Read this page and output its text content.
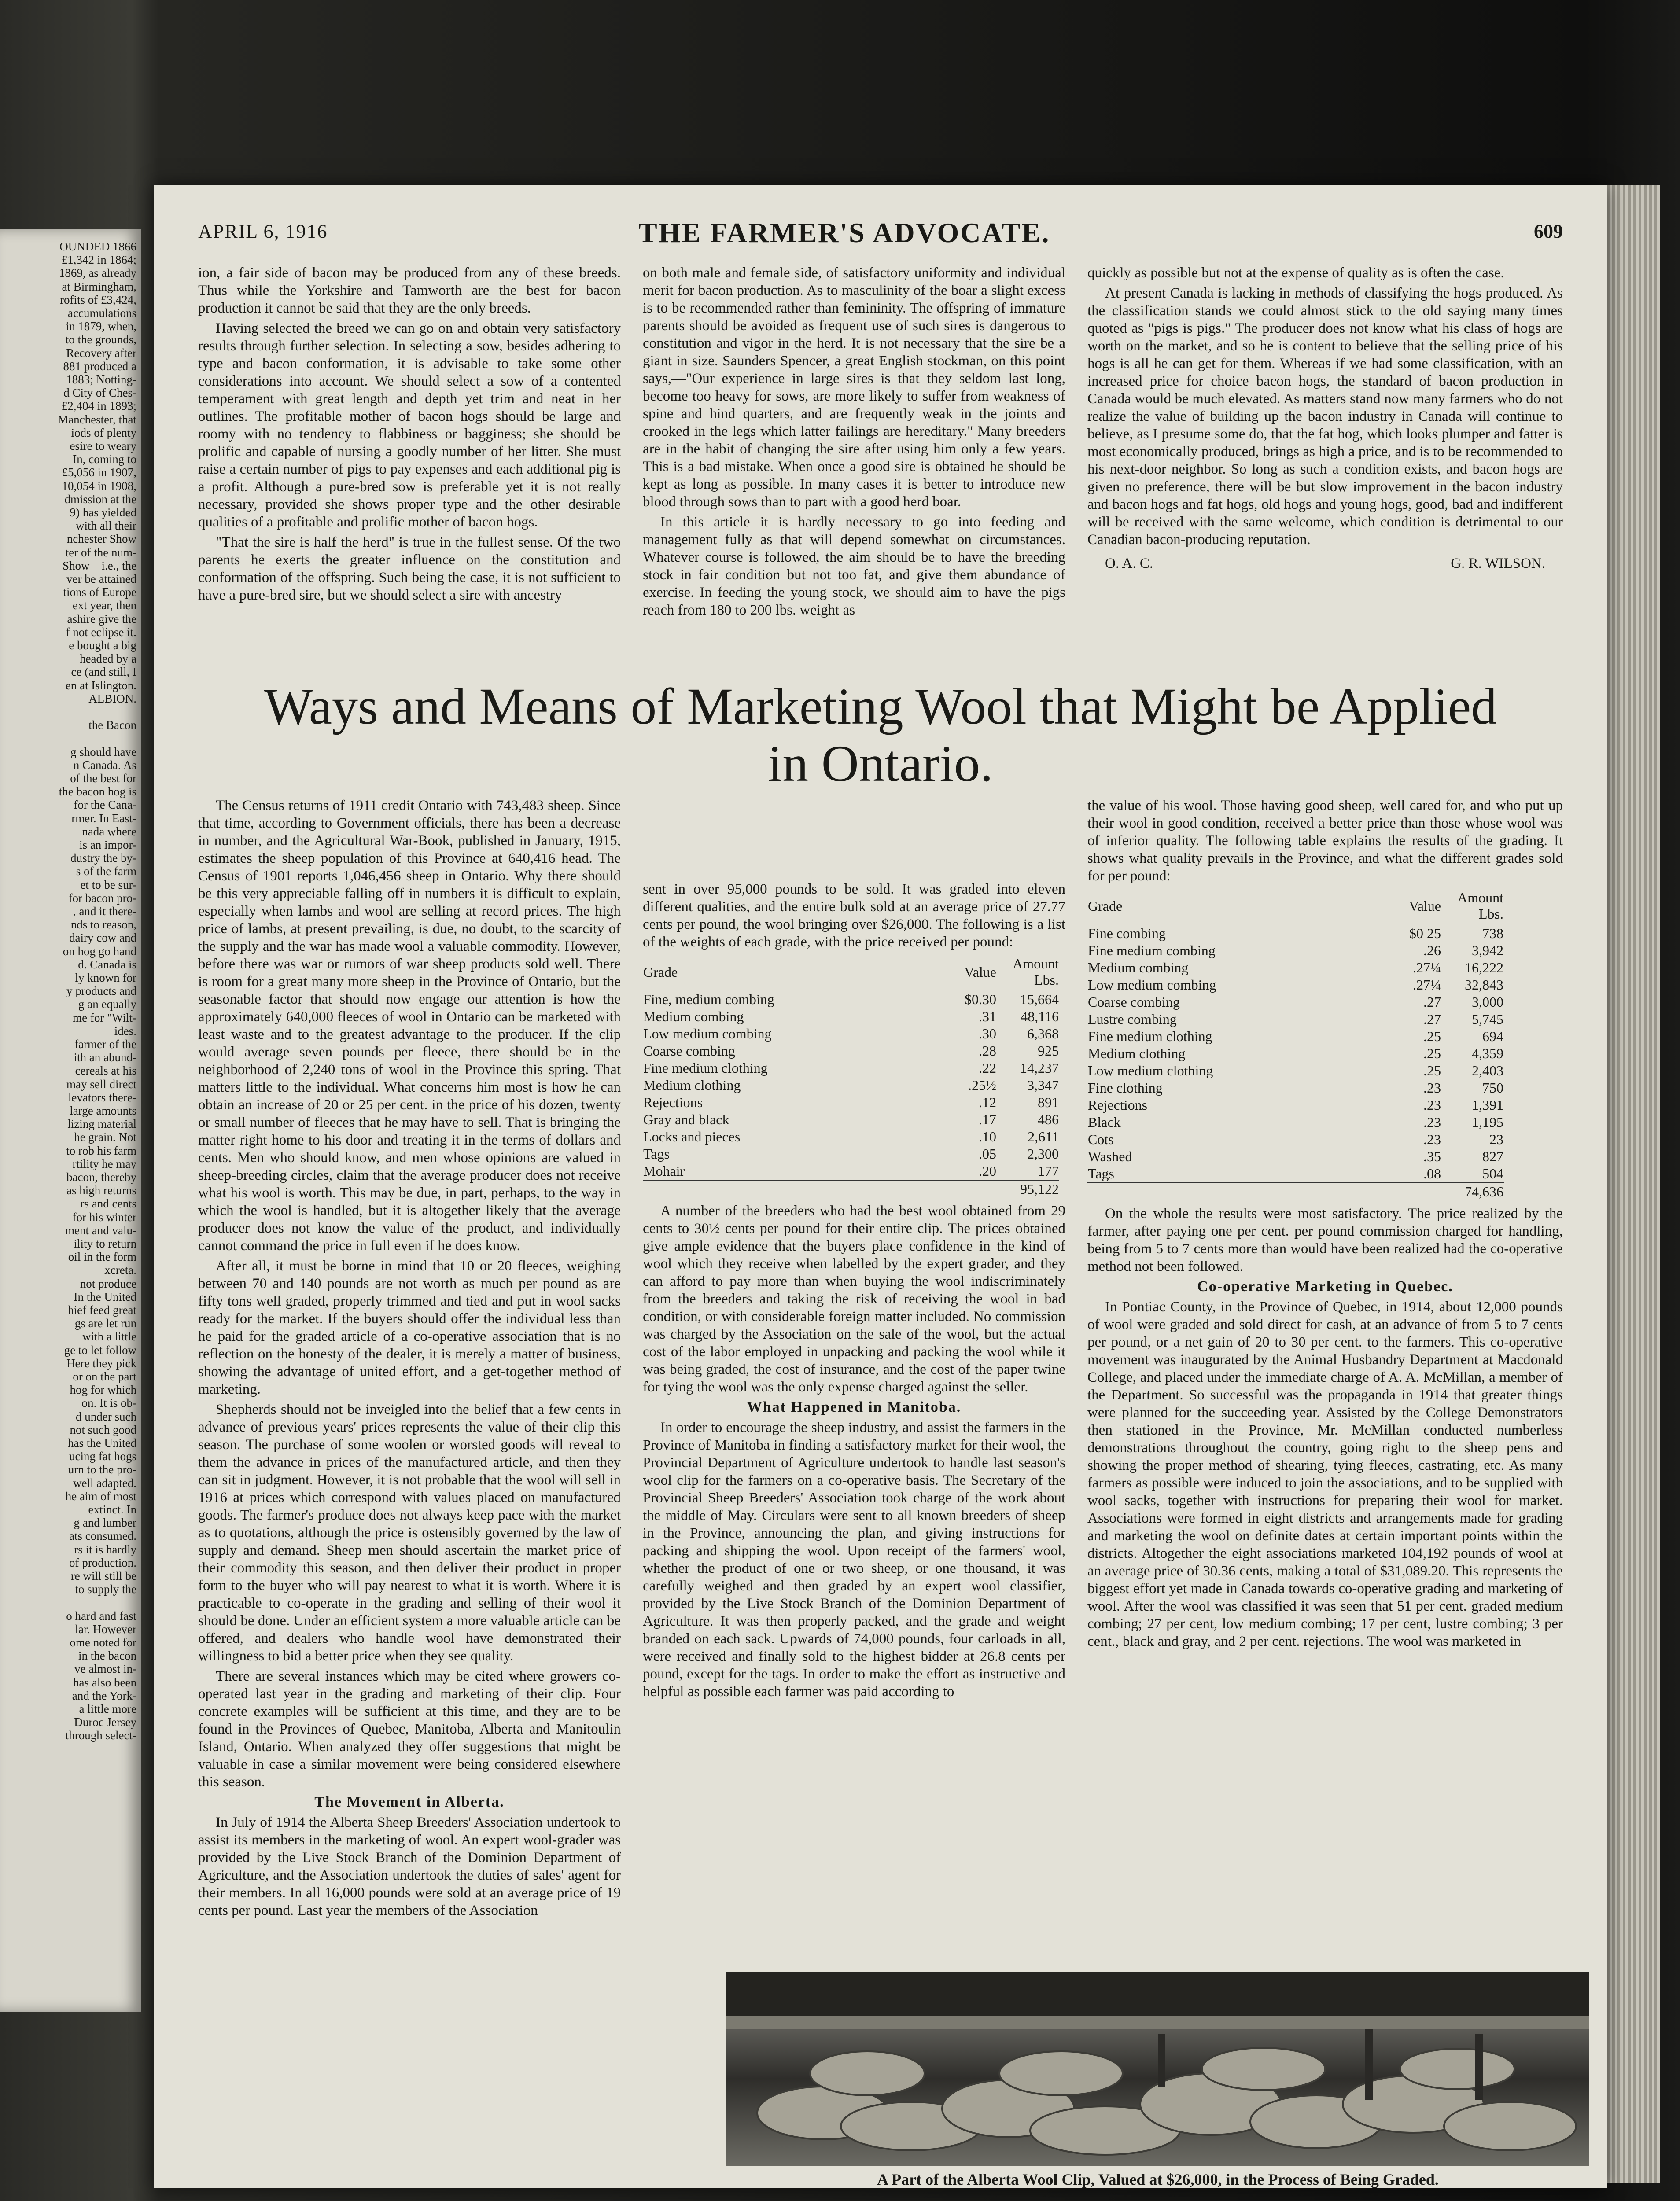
OUNDED 1866
£1,342 in 1864;
1869, as already
at Birmingham,
rofits of £3,424,
accumulations
in 1879, when,
to the grounds,
Recovery after
881 produced a
1883; Notting-
d City of Ches-
£2,404 in 1893;
Manchester, that
iods of plenty
esire to weary
In, coming to
£5,056 in 1907,
10,054 in 1908,
dmission at the
9) has yielded
with all their
nchester Show
ter of the num-
Show—i.e., the
ver be attained
tions of Europe
ext year, then
ashire give the
f not eclipse it.
e bought a big
headed by a
ce (and still, I
en at Islington.
ALBION.
the Bacon
g should have
n Canada. As
of the best for
the bacon hog is
for the Cana-
rmer. In East-
nada where
is an impor-
dustry the by-
s of the farm
et to be sur-
for bacon pro-
, and it there-
nds to reason,
dairy cow and
on hog go hand
d. Canada is
ly known for
y products and
g an equally
me for "Wilt-
ides.
farmer of the
ith an abund-
cereals at his
may sell direct
levators there-
large amounts
lizing material
he grain. Not
to rob his farm
rtility he may
bacon, thereby
as high returns
rs and cents
for his winter
ment and valu-
ility to return
oil in the form
xcreta.
not produce
In the United
hief feed great
gs are let run
with a little
ge to let follow
Here they pick
or on the part
hog for which
on. It is ob-
d under such
not such good
has the United
ucing fat hogs
urn to the pro-
well adapted.
he aim of most
extinct. In
g and lumber
ats consumed.
rs it is hardly
of production.
re will still be
to supply the
o hard and fast
lar. However
ome noted for
in the bacon
ve almost in-
has also been
and the York-
a little more
Duroc Jersey
through select-
APRIL 6, 1916	THE FARMER'S ADVOCATE.	609

ion, a fair side of bacon may be produced from any of these breeds. Thus while the Yorkshire and Tamworth are the best for bacon production it cannot be said that they are the only breeds.

Having selected the breed we can go on and obtain very satisfactory results through further selection. In selecting a sow, besides adhering to type and bacon conformation, it is advisable to take some other considerations into account. We should select a sow of a contented temperament with great length and depth yet trim and neat in her outlines. The profitable mother of bacon hogs should be large and roomy with no tendency to flabbiness or bagginess; she should be prolific and capable of nursing a goodly number of her litter. She must raise a certain number of pigs to pay expenses and each additional pig is a profit. Although a pure-bred sow is preferable yet it is not really necessary, provided she shows proper type and the other desirable qualities of a profitable and prolific mother of bacon hogs.

"That the sire is half the herd" is true in the fullest sense. Of the two parents he exerts the greater influence on the constitution and conformation of the offspring. Such being the case, it is not sufficient to have a pure-bred sire, but we should select a sire with ancestry

on both male and female side, of satisfactory uniformity and individual merit for bacon production. As to masculinity of the boar a slight excess is to be recommended rather than femininity. The offspring of immature parents should be avoided as frequent use of such sires is dangerous to constitution and vigor in the herd. It is not necessary that the sire be a giant in size. Saunders Spencer, a great English stockman, on this point says,—"Our experience in large sires is that they seldom last long, become too heavy for sows, are more likely to suffer from weakness of spine and hind quarters, and are frequently weak in the joints and crooked in the legs which latter failings are hereditary." Many breeders are in the habit of changing the sire after using him only a few years. This is a bad mistake. When once a good sire is obtained he should be kept as long as possible. In many cases it is better to introduce new blood through sows than to part with a good herd boar.

In this article it is hardly necessary to go into feeding and management fully as that will depend somewhat on circumstances. Whatever course is followed, the aim should be to have the breeding stock in fair condition but not too fat, and give them abundance of exercise. In feeding the young stock, we should aim to have the pigs reach from 180 to 200 lbs. weight as

quickly as possible but not at the expense of quality as is often the case.

At present Canada is lacking in methods of classifying the hogs produced. As the classification stands we could almost stick to the old saying many times quoted as "pigs is pigs." The producer does not know what his class of hogs are worth on the market, and so he is content to believe that the selling price of his hogs is all he can get for them. Whereas if we had some classification, with an increased price for choice bacon hogs, the standard of bacon production in Canada would be much elevated. As matters stand now many farmers who do not realize the value of building up the bacon industry in Canada will continue to believe, as I presume some do, that the fat hog, which looks plumper and fatter is most economically produced, brings as high a price, and is to be recommended to his next-door neighbor. So long as such a condition exists, and bacon hogs are given no preference, there will be but slow improvement in the bacon industry and bacon hogs and fat hogs, old hogs and young hogs, good, bad and indifferent will be received with the same welcome, which condition is detrimental to our Canadian bacon-producing reputation.

O. A. C.	G. R. WILSON.
Ways and Means of Marketing Wool that Might be Applied
in Ontario.

The Census returns of 1911 credit Ontario with 743,483 sheep. Since that time, according to Government officials, there has been a decrease in number, and the Agricultural War-Book, published in January, 1915, estimates the sheep population of this Province at 640,416 head. The Census of 1901 reports 1,046,456 sheep in Ontario. Why there should be this very appreciable falling off in numbers it is difficult to explain, especially when lambs and wool are selling at record prices. The high price of lambs, at present prevailing, is due, no doubt, to the scarcity of the supply and the war has made wool a valuable commodity. However, before there was war or rumors of war sheep products sold well. There is room for a great many more sheep in the Province of Ontario, but the seasonable factor that should now engage our attention is how the approximately 640,000 fleeces of wool in Ontario can be marketed with least waste and to the greatest advantage to the producer. If the clip would average seven pounds per fleece, there should be in the neighborhood of 2,240 tons of wool in the Province this spring. That matters little to the individual. What concerns him most is how he can obtain an increase of 20 or 25 per cent. in the price of his dozen, twenty or small number of fleeces that he may have to sell. That is bringing the matter right home to his door and treating it in the terms of dollars and cents. Men who should know, and men whose opinions are valued in sheep-breeding circles, claim that the average producer does not receive what his wool is worth. This may be due, in part, perhaps, to the way in which the wool is handled, but it is altogether likely that the average producer does not know the value of the product, and individually cannot command the price in full even if he does know.

After all, it must be borne in mind that 10 or 20 fleeces, weighing between 70 and 140 pounds are not worth as much per pound as are fifty tons well graded, properly trimmed and tied and put in wool sacks ready for the market. If the buyers should offer the individual less than he paid for the graded article of a co-operative association that is no reflection on the honesty of the dealer, it is merely a matter of business, showing the advantage of united effort, and a get-together method of marketing.

Shepherds should not be inveigled into the belief that a few cents in advance of previous years' prices represents the value of their clip this season. The purchase of some woolen or worsted goods will reveal to them the advance in prices of the manufactured article, and then they can sit in judgment. However, it is not probable that the wool will sell in 1916 at prices which correspond with values placed on manufactured goods. The farmer's produce does not always keep pace with the market as to quotations, although the price is ostensibly governed by the law of supply and demand. Sheep men should ascertain the market price of their commodity this season, and then deliver their product in proper form to the buyer who will pay nearest to what it is worth. Where it is practicable to co-operate in the grading and selling of their wool it should be done. Under an efficient system a more valuable article can be offered, and dealers who handle wool have demonstrated their willingness to bid a better price when they see quality.

There are several instances which may be cited where growers co-operated last year in the grading and marketing of their clip. Four concrete examples will be sufficient at this time, and they are to be found in the Provinces of Quebec, Manitoba, Alberta and Manitoulin Island, Ontario. When analyzed they offer suggestions that might be valuable in case a similar movement were being considered elsewhere this season.

The Movement in Alberta.

In July of 1914 the Alberta Sheep Breeders' Association undertook to assist its members in the marketing of wool. An expert wool-grader was provided by the Live Stock Branch of the Dominion Department of Agriculture, and the Association undertook the duties of sales' agent for their members. In all 16,000 pounds were sold at an average price of 19 cents per pound. Last year the members of the Association

sent in over 95,000 pounds to be sold. It was graded into eleven different qualities, and the entire bulk sold at an average price of 27.77 cents per pound, the wool bringing over $26,000. The following is a list of the weights of each grade, with the price received per pound:

Grade	Value	Amount Lbs.
Fine, medium combing	$0.30	15,664
Medium combing	.31	48,116
Low medium combing	.30	6,368
Coarse combing	.28	925
Fine medium clothing	.22	14,237
Medium clothing	.25½	3,347
Rejections	.12	891
Gray and black	.17	486
Locks and pieces	.10	2,611
Tags	.05	2,300
Mohair	.20	177
		95,122

A number of the breeders who had the best wool obtained from 29 cents to 30½ cents per pound for their entire clip. The prices obtained give ample evidence that the buyers place confidence in the kind of wool which they receive when labelled by the expert grader, and they can afford to pay more than when buying the wool indiscriminately from the breeders and taking the risk of receiving the wool in bad condition, or with considerable foreign matter included. No commission was charged by the Association on the sale of the wool, but the actual cost of the labor employed in unpacking and packing the wool while it was being graded, the cost of insurance, and the cost of the paper twine for tying the wool was the only expense charged against the seller.

What Happened in Manitoba.

In order to encourage the sheep industry, and assist the farmers in the Province of Manitoba in finding a satisfactory market for their wool, the Provincial Department of Agriculture undertook to handle last season's wool clip for the farmers on a co-operative basis. The Secretary of the Provincial Sheep Breeders' Association took charge of the work about the middle of May. Circulars were sent to all known breeders of sheep in the Province, announcing the plan, and giving instructions for packing and shipping the wool. Upon receipt of the farmers' wool, whether the product of one or two sheep, or one thousand, it was carefully weighed and then graded by an expert wool classifier, provided by the Live Stock Branch of the Dominion Department of Agriculture. It was then properly packed, and the grade and weight branded on each sack. Upwards of 74,000 pounds, four carloads in all, were received and finally sold to the highest bidder at 26.8 cents per pound, except for the tags. In order to make the effort as instructive and helpful as possible each farmer was paid according to

the value of his wool. Those having good sheep, well cared for, and who put up their wool in good condition, received a better price than those whose wool was of inferior quality. The following table explains the results of the grading. It shows what quality prevails in the Province, and what the different grades sold for per pound:

Grade	Value	Amount Lbs.
Fine combing	$0 25	738
Fine medium combing	.26	3,942
Medium combing	.27¼	16,222
Low medium combing	.27¼	32,843
Coarse combing	.27	3,000
Lustre combing	.27	5,745
Fine medium clothing	.25	694
Medium clothing	.25	4,359
Low medium clothing	.25	2,403
Fine clothing	.23	750
Rejections	.23	1,391
Black	.23	1,195
Cots	.23	23
Washed	.35	827
Tags	.08	504
		74,636

On the whole the results were most satisfactory. The price realized by the farmer, after paying one per cent. per pound commission charged for handling, being from 5 to 7 cents more than would have been realized had the co-operative method not been followed.

Co-operative Marketing in Quebec.

In Pontiac County, in the Province of Quebec, in 1914, about 12,000 pounds of wool were graded and sold direct for cash, at an advance of from 5 to 7 cents per pound, or a net gain of 20 to 30 per cent. to the farmers. This co-operative movement was inaugurated by the Animal Husbandry Department at Macdonald College, and placed under the immediate charge of A. A. McMillan, a member of the Department. So successful was the propaganda in 1914 that greater things were planned for the succeeding year. Assisted by the College Demonstrators then stationed in the Province, Mr. McMillan conducted numberless demonstrations throughout the country, going right to the sheep pens and showing the proper method of shearing, tying fleeces, castrating, etc. As many farmers as possible were induced to join the associations, and to be supplied with wool sacks, together with instructions for preparing their wool for market. Associations were formed in eight districts and arrangements made for grading and marketing the wool on definite dates at certain important points within the districts. Altogether the eight associations marketed 104,192 pounds of wool at an average price of 30.36 cents, making a total of $31,089.20. This represents the biggest effort yet made in Canada towards co-operative grading and marketing of wool. After the wool was classified it was seen that 51 per cent. graded medium combing; 27 per cent, low medium combing; 17 per cent, lustre combing; 3 per cent., black and gray, and 2 per cent. rejections. The wool was marketed in

A Part of the Alberta Wool Clip, Valued at $26,000, in the Process of Being Graded.
